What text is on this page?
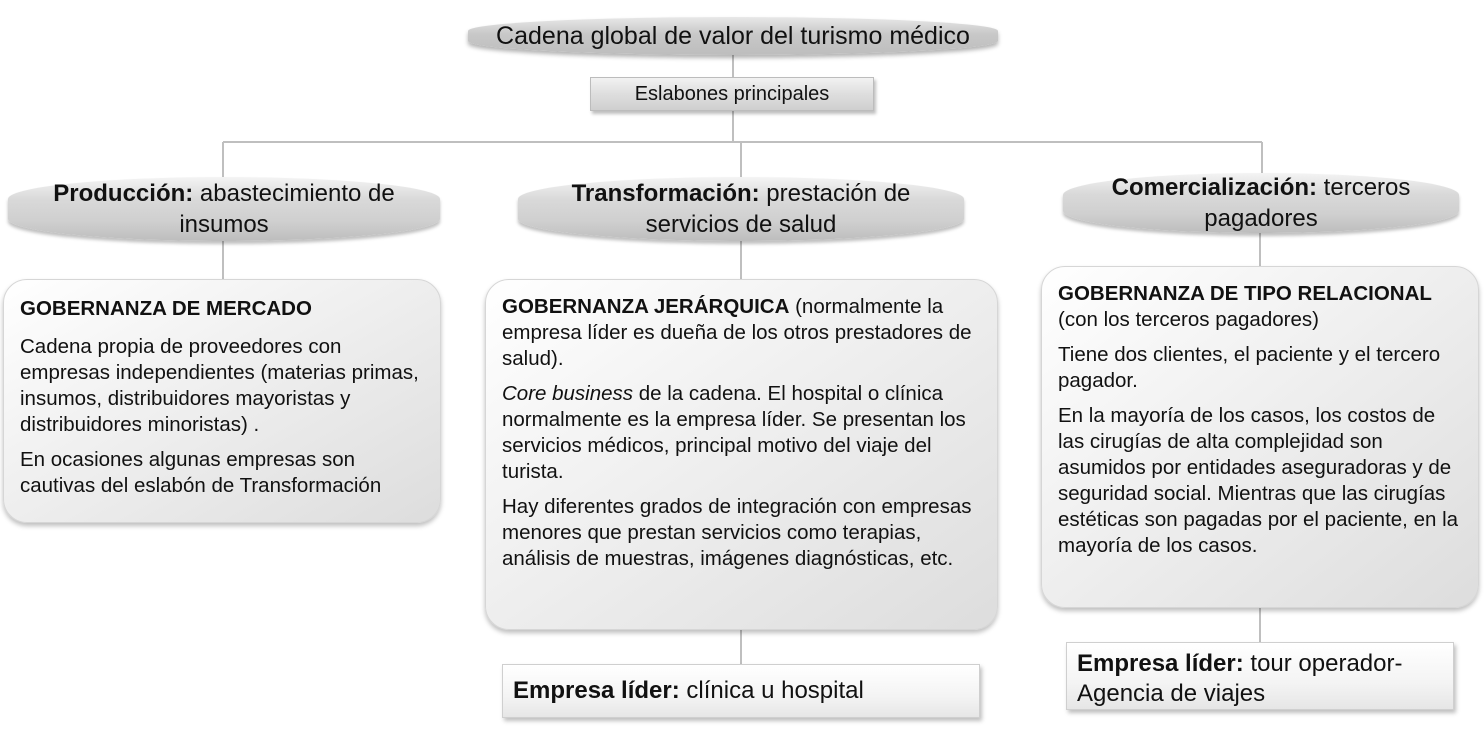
Cadena global de valor del turismo médico
Eslabones principales
Producción: abastecimiento de insumos
Transformación: prestación de servicios de salud
Comercialización: terceros pagadores

GOBERNANZA DE MERCADO

Cadena propia de proveedores con empresas independientes (materias primas, insumos, distribuidores mayoristas y distribuidores minoristas) .

En ocasiones algunas empresas son cautivas del eslabón de Transformación

GOBERNANZA JERÁRQUICA (normalmente la empresa líder es dueña de los otros prestadores de salud).

Core business de la cadena. El hospital o clínica normalmente es la empresa líder. Se presentan los servicios médicos, principal motivo del viaje del turista.

Hay diferentes grados de integración con empresas menores que prestan servicios como terapias, análisis de muestras, imágenes diagnósticas, etc.

GOBERNANZA DE TIPO RELACIONAL
(con los terceros pagadores)

Tiene dos clientes, el paciente y el tercero pagador.

En la mayoría de los casos, los costos de las cirugías de alta complejidad son asumidos por entidades aseguradoras y de seguridad social. Mientras que las cirugías estéticas son pagadas por el paciente, en la mayoría de los casos.

Empresa líder: clínica u hospital
Empresa líder: tour operador-Agencia de viajes
